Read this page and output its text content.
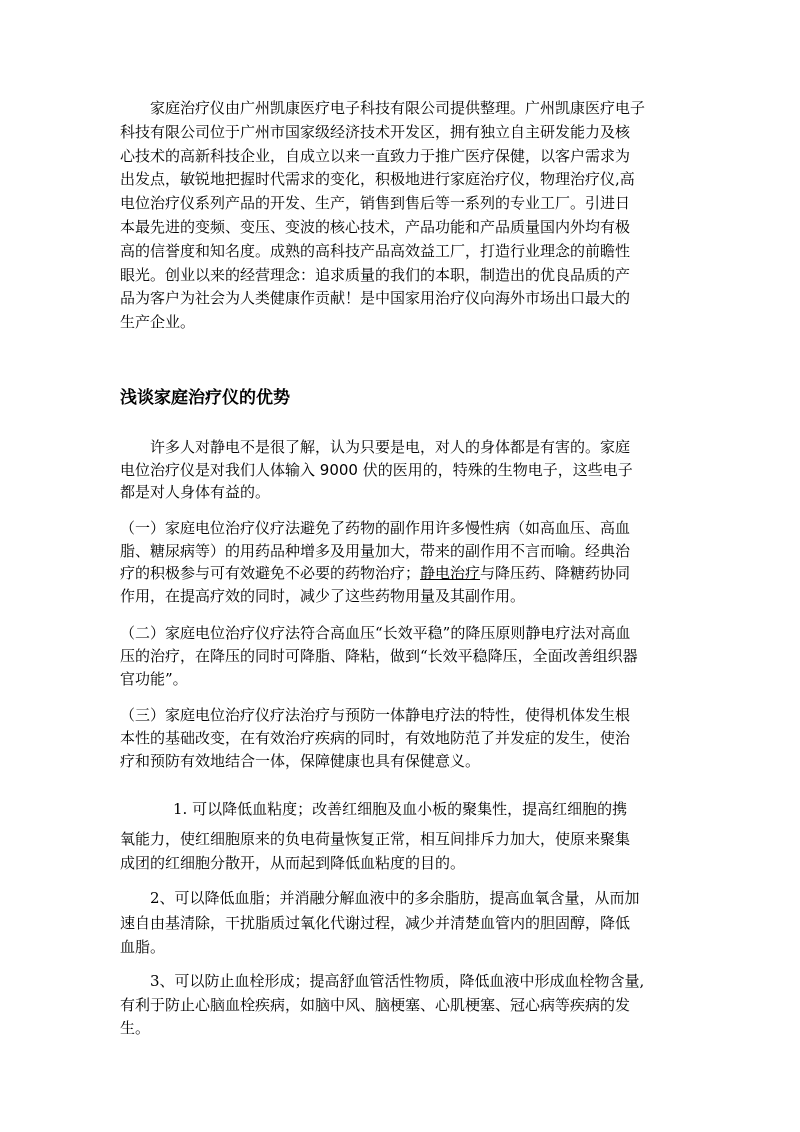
　　家庭治疗仪由广州凯康医疗电子科技有限公司提供整理。广州凯康医疗电子
科技有限公司位于广州市国家级经济技术开发区，拥有独立自主研发能力及核
心技术的高新科技企业，自成立以来一直致力于推广医疗保健，以客户需求为
出发点，敏锐地把握时代需求的变化，积极地进行家庭治疗仪，物理治疗仪,高
电位治疗仪系列产品的开发、生产，销售到售后等一系列的专业工厂。引进日
本最先进的变频、变压、变波的核心技术，产品功能和产品质量国内外均有极
高的信誉度和知名度。成熟的高科技产品高效益工厂，打造行业理念的前瞻性
眼光。创业以来的经营理念：追求质量的我们的本职，制造出的优良品质的产
品为客户为社会为人类健康作贡献！是中国家用治疗仪向海外市场出口最大的
生产企业。

浅谈家庭治疗仪的优势

　　许多人对静电不是很了解，认为只要是电，对人的身体都是有害的。家庭
电位治疗仪是对我们人体输入 9000 伏的医用的，特殊的生物电子，这些电子
都是对人身体有益的。

（一）家庭电位治疗仪疗法避免了药物的副作用许多慢性病（如高血压、高血
脂、糖尿病等）的用药品种增多及用量加大，带来的副作用不言而喻。经典治
疗的积极参与可有效避免不必要的药物治疗；静电治疗与降压药、降糖药协同
作用，在提高疗效的同时，减少了这些药物用量及其副作用。

（二）家庭电位治疗仪疗法符合高血压“长效平稳”的降压原则静电疗法对高血
压的治疗，在降压的同时可降脂、降粘，做到“长效平稳降压，全面改善组织器
官功能”。

（三）家庭电位治疗仪疗法治疗与预防一体静电疗法的特性，使得机体发生根
本性的基础改变，在有效治疗疾病的同时，有效地防范了并发症的发生，使治
疗和预防有效地结合一体，保障健康也具有保健意义。

1. 可以降低血粘度；改善红细胞及血小板的聚集性，提高红细胞的携

氧能力，使红细胞原来的负电荷量恢复正常，相互间排斥力加大，使原来聚集
成团的红细胞分散开，从而起到降低血粘度的目的。

　　2、可以降低血脂；并消融分解血液中的多余脂肪，提高血氧含量，从而加
速自由基清除，干扰脂质过氧化代谢过程，减少并清楚血管内的胆固醇，降低
血脂。

　　3、可以防止血栓形成；提高舒血管活性物质，降低血液中形成血栓物含量,
有利于防止心脑血栓疾病，如脑中风、脑梗塞、心肌梗塞、冠心病等疾病的发
生。
